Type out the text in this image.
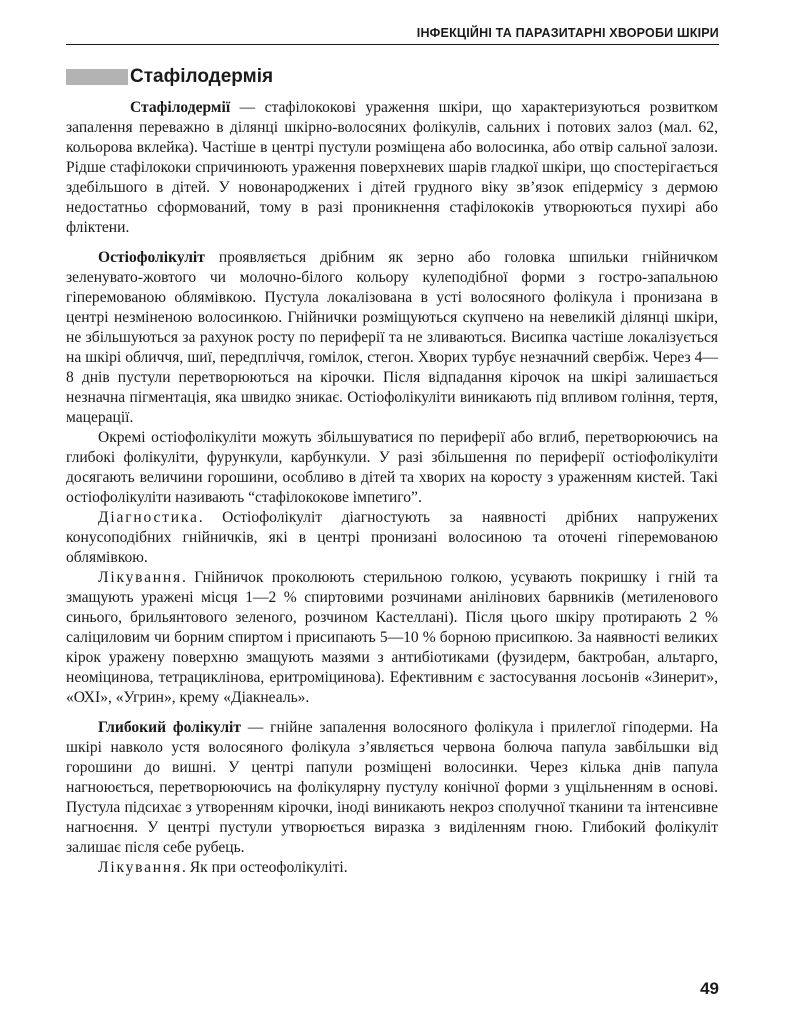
ІНФЕКЦІЙНІ ТА ПАРАЗИТАРНІ ХВОРОБИ ШКІРИ
Стафілодермія

Стафілодермії — стафілококові ураження шкіри, що характеризуються розвитком запалення переважно в ділянці шкірно-волосяних фолікулів, сальних і потових залоз (мал. 62, кольорова вклейка). Частіше в центрі пустули розміщена або волосинка, або отвір сальної залози. Рідше стафілококи спричинюють ураження поверхневих шарів гладкої шкіри, що спостерігається здебільшого в дітей. У новонароджених і дітей грудного віку зв’язок епідермісу з дермою недостатньо сформований, тому в разі проникнення стафілококів утворюються пухирі або фліктени.

Остіофолікуліт проявляється дрібним як зерно або головка шпильки гнійничком зеленувато-жовтого чи молочно-білого кольору кулеподібної форми з гостро-запальною гіперемованою облямівкою. Пустула локалізована в усті волосяного фолікула і пронизана в центрі незміненою волосинкою. Гнійнички розміщуються скупчено на невеликій ділянці шкіри, не збільшуються за рахунок росту по периферії та не зливаються. Висипка частіше локалізується на шкірі обличчя, шиї, передпліччя, гомілок, стегон. Хворих турбує незначний свербіж. Через 4—8 днів пустули перетворюються на кірочки. Після відпадання кірочок на шкірі залишається незначна пігментація, яка швидко зникає. Остіофолікуліти виникають під впливом гоління, тертя, мацерації.

Окремі остіофолікуліти можуть збільшуватися по периферії або вглиб, перетворюючись на глибокі фолікуліти, фурункули, карбункули. У разі збільшення по периферії остіофолікуліти досягають величини горошини, особливо в дітей та хворих на коросту з ураженням кистей. Такі остіофолікуліти називають “стафілококове імпетиго”.

Діагностика. Остіофолікуліт діагностують за наявності дрібних напружених конусоподібних гнійничків, які в центрі пронизані волосиною та оточені гіперемованою облямівкою.

Лікування. Гнійничок проколюють стерильною голкою, усувають покришку і гній та змащують уражені місця 1—2 % спиртовими розчинами анілінових барвників (метиленового синього, брильянтового зеленого, розчином Кастеллані). Після цього шкіру протирають 2 % саліциловим чи борним спиртом і присипають 5—10 % борною присипкою. За наявності великих кірок уражену поверхню змащують мазями з антибіотиками (фузидерм, бактробан, альтарго, неоміцинова, тетрациклінова, еритроміцинова). Ефективним є застосування лосьонів «Зинерит», «ОХІ», «Угрин», крему «Діакнеаль».

Глибокий фолікуліт — гнійне запалення волосяного фолікула і прилеглої гіподерми. На шкірі навколо устя волосяного фолікула з’являється червона болюча папула завбільшки від горошини до вишні. У центрі папули розміщені волосинки. Через кілька днів папула нагноюється, перетворюючись на фолікулярну пустулу конічної форми з ущільненням в основі. Пустула підсихає з утворенням кірочки, іноді виникають некроз сполучної тканини та інтенсивне нагноєння. У центрі пустули утворюється виразка з виділенням гною. Глибокий фолікуліт залишає після себе рубець.

Лікування. Як при остеофолікуліті.

49
